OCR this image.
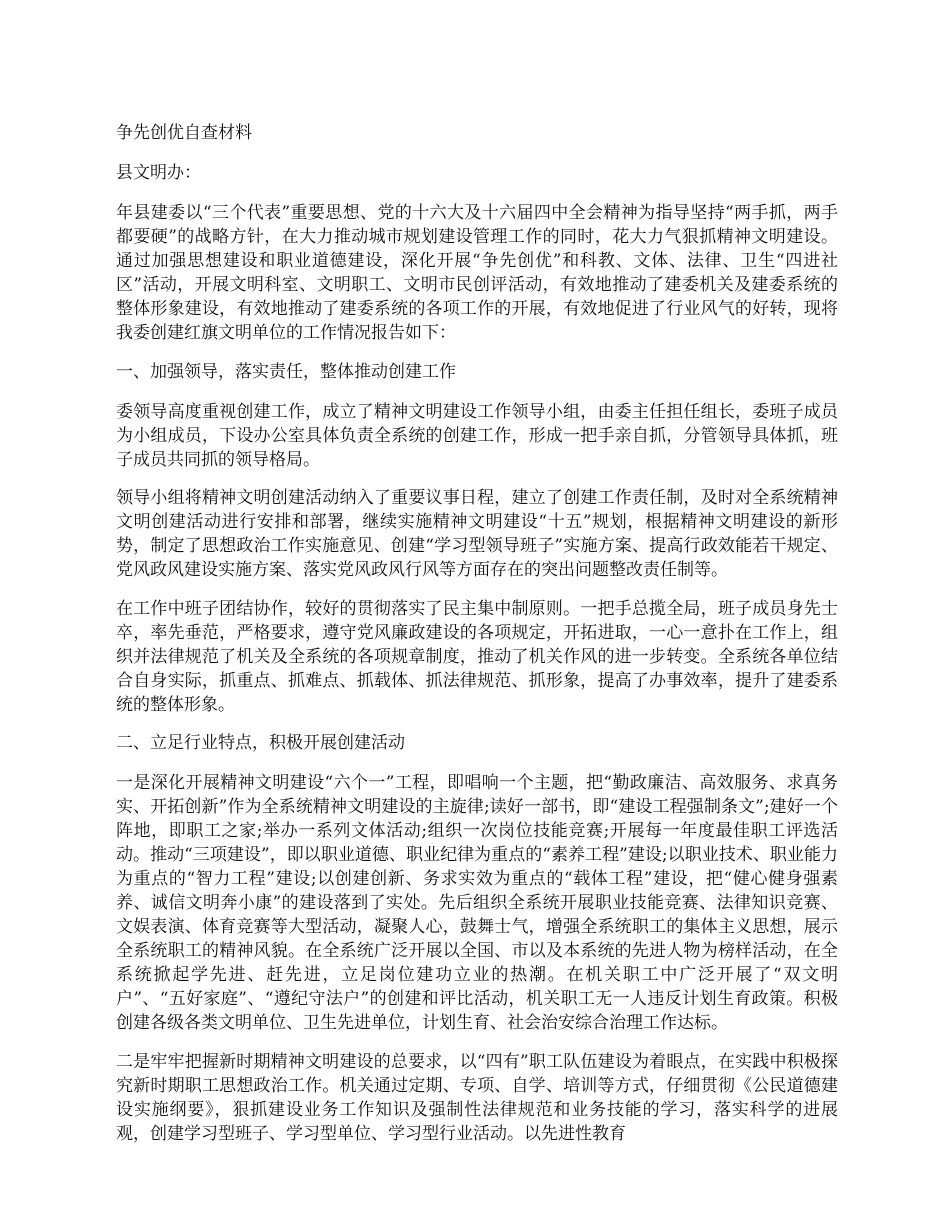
争先创优自查材料

县文明办：

年县建委以“三个代表”重要思想、党的十六大及十六届四中全会精神为指导坚持“两手抓，两手都要硬”的战略方针，在大力推动城市规划建设管理工作的同时，花大力气狠抓精神文明建设。通过加强思想建设和职业道德建设，深化开展“争先创优”和科教、文体、法律、卫生“四进社区”活动，开展文明科室、文明职工、文明市民创评活动，有效地推动了建委机关及建委系统的整体形象建设，有效地推动了建委系统的各项工作的开展，有效地促进了行业风气的好转，现将我委创建红旗文明单位的工作情况报告如下：

一、加强领导，落实责任，整体推动创建工作

委领导高度重视创建工作，成立了精神文明建设工作领导小组，由委主任担任组长，委班子成员为小组成员，下设办公室具体负责全系统的创建工作，形成一把手亲自抓，分管领导具体抓，班子成员共同抓的领导格局。

领导小组将精神文明创建活动纳入了重要议事日程，建立了创建工作责任制，及时对全系统精神文明创建活动进行安排和部署，继续实施精神文明建设“十五”规划，根据精神文明建设的新形势，制定了思想政治工作实施意见、创建“学习型领导班子”实施方案、提高行政效能若干规定、党风政风建设实施方案、落实党风政风行风等方面存在的突出问题整改责任制等。

在工作中班子团结协作，较好的贯彻落实了民主集中制原则。一把手总揽全局，班子成员身先士卒，率先垂范，严格要求，遵守党风廉政建设的各项规定，开拓进取，一心一意扑在工作上，组织并法律规范了机关及全系统的各项规章制度，推动了机关作风的进一步转变。全系统各单位结合自身实际，抓重点、抓难点、抓载体、抓法律规范、抓形象，提高了办事效率，提升了建委系统的整体形象。

二、立足行业特点，积极开展创建活动

一是深化开展精神文明建设“六个一”工程，即唱响一个主题，把“勤政廉洁、高效服务、求真务实、开拓创新”作为全系统精神文明建设的主旋律;读好一部书，即“建设工程强制条文”;建好一个阵地，即职工之家;举办一系列文体活动;组织一次岗位技能竞赛;开展每一年度最佳职工评选活动。推动“三项建设”，即以职业道德、职业纪律为重点的“素养工程”建设;以职业技术、职业能力为重点的“智力工程”建设;以创建创新、务求实效为重点的“载体工程”建设，把“健心健身强素养、诚信文明奔小康”的建设落到了实处。先后组织全系统开展职业技能竞赛、法律知识竞赛、文娱表演、体育竞赛等大型活动，凝聚人心，鼓舞士气，增强全系统职工的集体主义思想，展示全系统职工的精神风貌。在全系统广泛开展以全国、市以及本系统的先进人物为榜样活动，在全系统掀起学先进、赶先进，立足岗位建功立业的热潮。在机关职工中广泛开展了“双文明户”、“五好家庭”、“遵纪守法户”的创建和评比活动，机关职工无一人违反计划生育政策。积极创建各级各类文明单位、卫生先进单位，计划生育、社会治安综合治理工作达标。

二是牢牢把握新时期精神文明建设的总要求，以“四有”职工队伍建设为着眼点，在实践中积极探究新时期职工思想政治工作。机关通过定期、专项、自学、培训等方式，仔细贯彻《公民道德建设实施纲要》，狠抓建设业务工作知识及强制性法律规范和业务技能的学习，落实科学的进展观，创建学习型班子、学习型单位、学习型行业活动。以先进性教育
